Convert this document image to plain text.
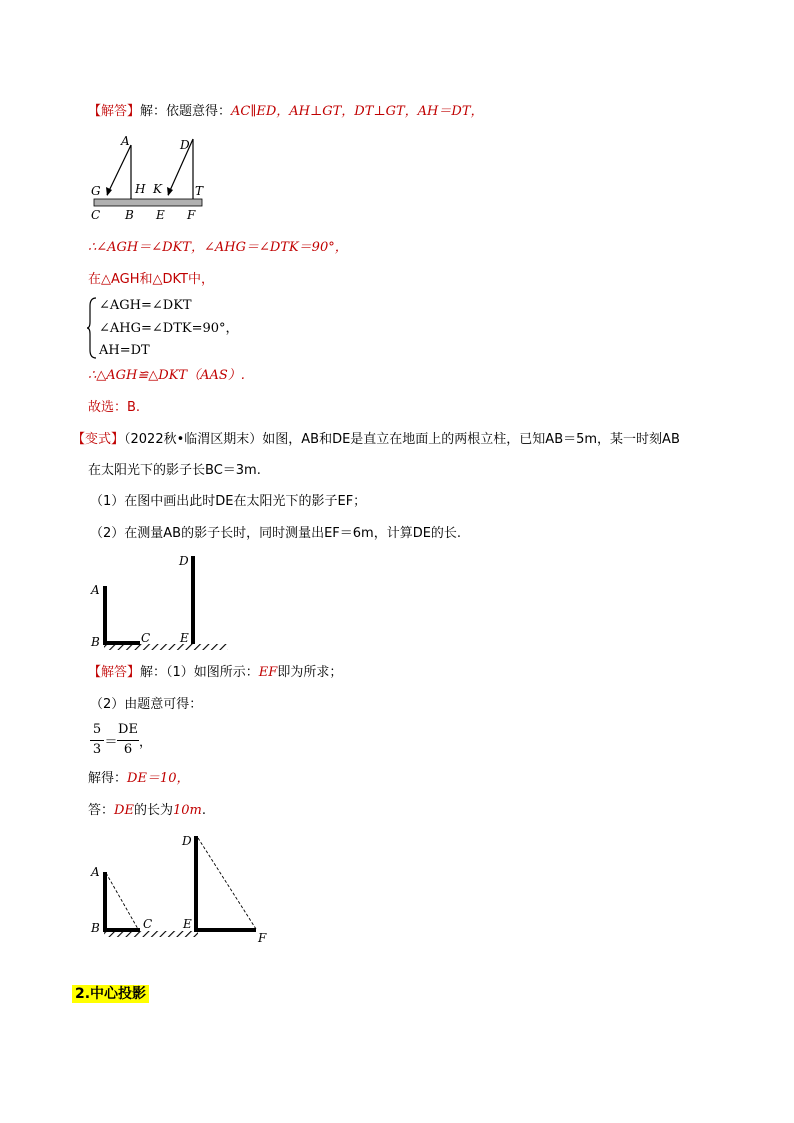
【解答】解：依题意得：AC∥ED，AH⊥GT，DT⊥GT，AH＝DT，
A	D
G	H K	T
C B E F
∴∠AGH＝∠DKT，∠AHG＝∠DTK＝90°，
在△AGH和△DKT中，
∠AGH=∠DKT
∠AHG=∠DTK=90°，
AH=DT
∴△AGH≌△DKT（AAS）.
故选：B.
【变式】（2022秋•临渭区期末）如图，AB和DE是直立在地面上的两根立柱，已知AB＝5m，某一时刻AB
在太阳光下的影子长BC＝3m.
（1）在图中画出此时DE在太阳光下的影子EF；
（2）在测量AB的影子长时，同时测量出EF＝6m，计算DE的长.
D
A
B	C E
【解答】解：（1）如图所示：EF即为所求；
（2）由题意可得：
5
3 ＝
DE
6 ，
解得：DE＝10，
答：DE的长为10m.
D
A
B	C	E
F
2.中心投影
